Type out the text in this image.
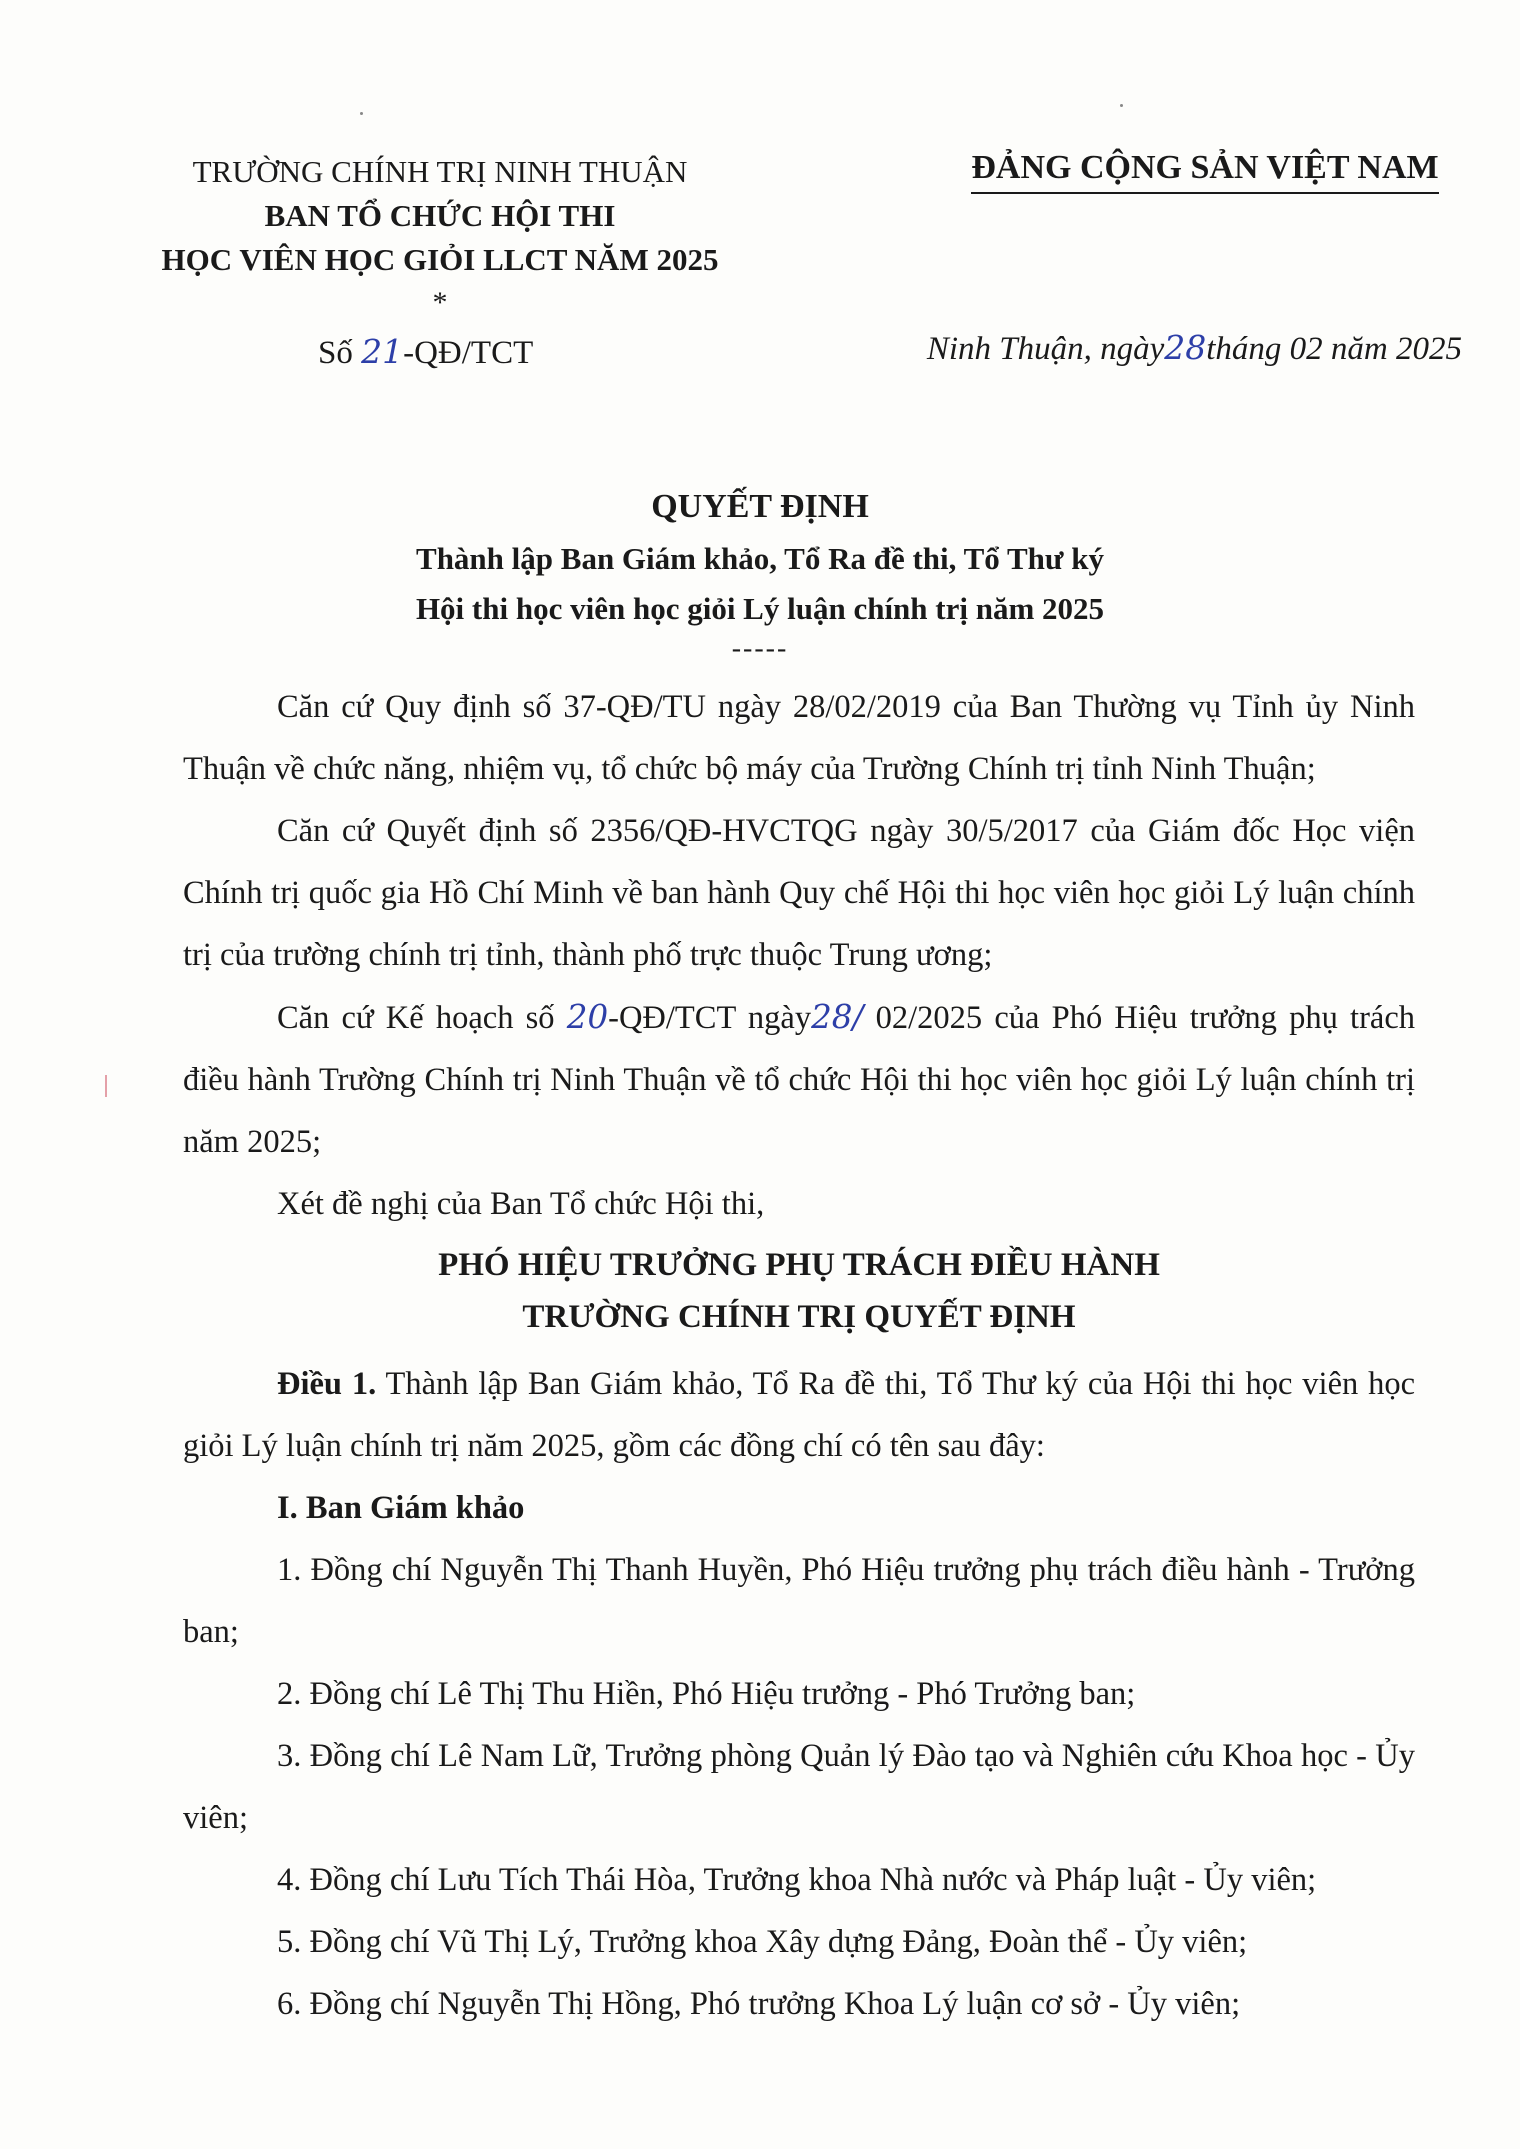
TRƯỜNG CHÍNH TRỊ NINH THUẬN
BAN TỔ CHỨC HỘI THI
HỌC VIÊN HỌC GIỎI LLCT NĂM 2025
*
ĐẢNG CỘNG SẢN VIỆT NAM
Số 21-QĐ/TCT	Ninh Thuận, ngày28tháng 02 năm 2025
QUYẾT ĐỊNH
Thành lập Ban Giám khảo, Tổ Ra đề thi, Tổ Thư ký
Hội thi học viên học giỏi Lý luận chính trị năm 2025
-----

Căn cứ Quy định số 37-QĐ/TU ngày 28/02/2019 của Ban Thường vụ Tỉnh ủy Ninh Thuận về chức năng, nhiệm vụ, tổ chức bộ máy của Trường Chính trị tỉnh Ninh Thuận;

Căn cứ Quyết định số 2356/QĐ-HVCTQG ngày 30/5/2017 của Giám đốc Học viện Chính trị quốc gia Hồ Chí Minh về ban hành Quy chế Hội thi học viên học giỏi Lý luận chính trị của trường chính trị tỉnh, thành phố trực thuộc Trung ương;

Căn cứ Kế hoạch số 20-QĐ/TCT ngày28/ 02/2025 của Phó Hiệu trưởng phụ trách điều hành Trường Chính trị Ninh Thuận về tổ chức Hội thi học viên học giỏi Lý luận chính trị năm 2025;

Xét đề nghị của Ban Tổ chức Hội thi,

PHÓ HIỆU TRƯỞNG PHỤ TRÁCH ĐIỀU HÀNH

TRƯỜNG CHÍNH TRỊ QUYẾT ĐỊNH

Điều 1. Thành lập Ban Giám khảo, Tổ Ra đề thi, Tổ Thư ký của Hội thi học viên học giỏi Lý luận chính trị năm 2025, gồm các đồng chí có tên sau đây:

I. Ban Giám khảo

1. Đồng chí Nguyễn Thị Thanh Huyền, Phó Hiệu trưởng phụ trách điều hành - Trưởng ban;

2. Đồng chí Lê Thị Thu Hiền, Phó Hiệu trưởng - Phó Trưởng ban;

3. Đồng chí Lê Nam Lữ, Trưởng phòng Quản lý Đào tạo và Nghiên cứu Khoa học - Ủy viên;

4. Đồng chí Lưu Tích Thái Hòa, Trưởng khoa Nhà nước và Pháp luật - Ủy viên;

5. Đồng chí Vũ Thị Lý, Trưởng khoa Xây dựng Đảng, Đoàn thể - Ủy viên;

6. Đồng chí Nguyễn Thị Hồng, Phó trưởng Khoa Lý luận cơ sở - Ủy viên;
